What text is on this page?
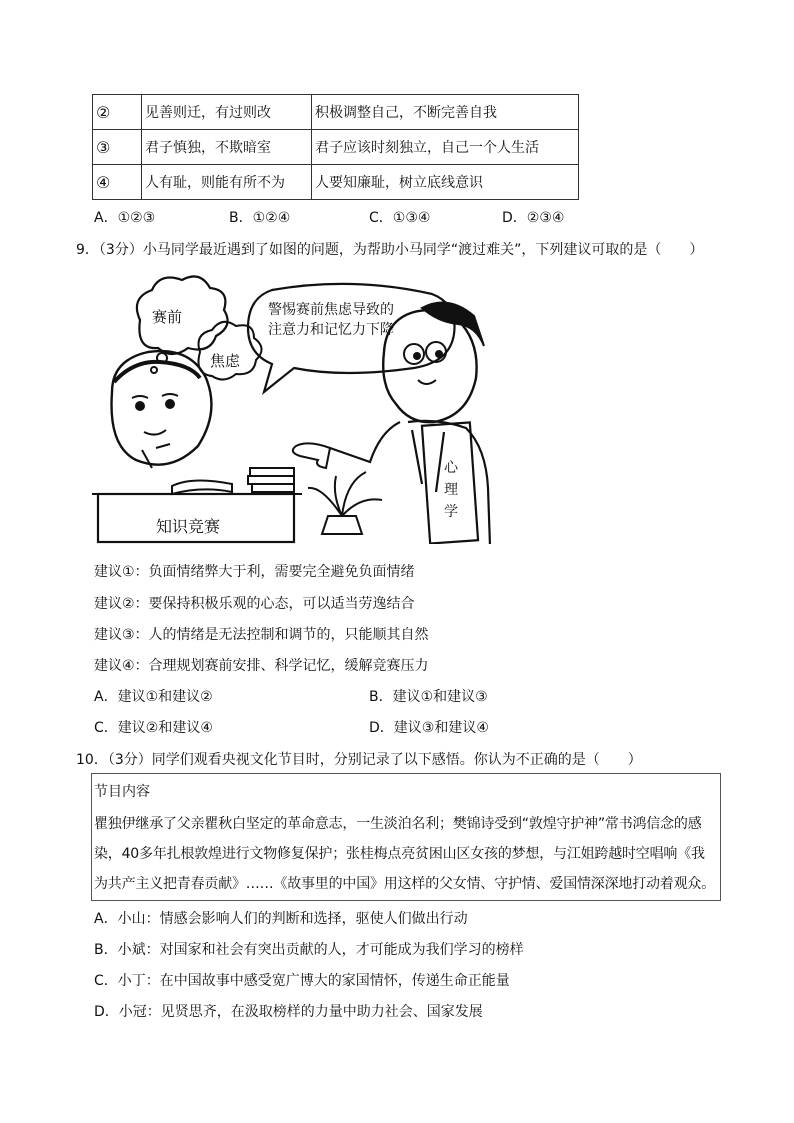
②	见善则迁，有过则改	积极调整自己，不断完善自我
③	君子慎独，不欺暗室	君子应该时刻独立，自己一个人生活
④	人有耻，则能有所不为	人要知廉耻，树立底线意识
A．①②③	B．①②④	C．①③④	D．②③④
9．（3分）小马同学最近遇到了如图的问题，为帮助小马同学“渡过难关”，下列建议可取的是（　　）
赛前
焦虑
警惕赛前焦虑导致的
注意力和记忆力下降
知识竞赛
心
理
学
建议①：负面情绪弊大于利，需要完全避免负面情绪
建议②：要保持积极乐观的心态，可以适当劳逸结合
建议③：人的情绪是无法控制和调节的，只能顺其自然
建议④：合理规划赛前安排、科学记忆，缓解竞赛压力
A．建议①和建议②	B．建议①和建议③
C．建议②和建议④	D．建议③和建议④
10．（3分）同学们观看央视文化节目时，分别记录了以下感悟。你认为不正确的是（　　）
节目内容
瞿独伊继承了父亲瞿秋白坚定的革命意志，一生淡泊名利；樊锦诗受到“敦煌守护神”常书鸿信念的感
染，40多年扎根敦煌进行文物修复保护；张桂梅点亮贫困山区女孩的梦想，与江姐跨越时空唱响《我
为共产主义把青春贡献》……《故事里的中国》用这样的父女情、守护情、爱国情深深地打动着观众。
A．小山：情感会影响人们的判断和选择，驱使人们做出行动
B．小斌：对国家和社会有突出贡献的人，才可能成为我们学习的榜样
C．小丁：在中国故事中感受宽广博大的家国情怀，传递生命正能量
D．小冠：见贤思齐，在汲取榜样的力量中助力社会、国家发展
